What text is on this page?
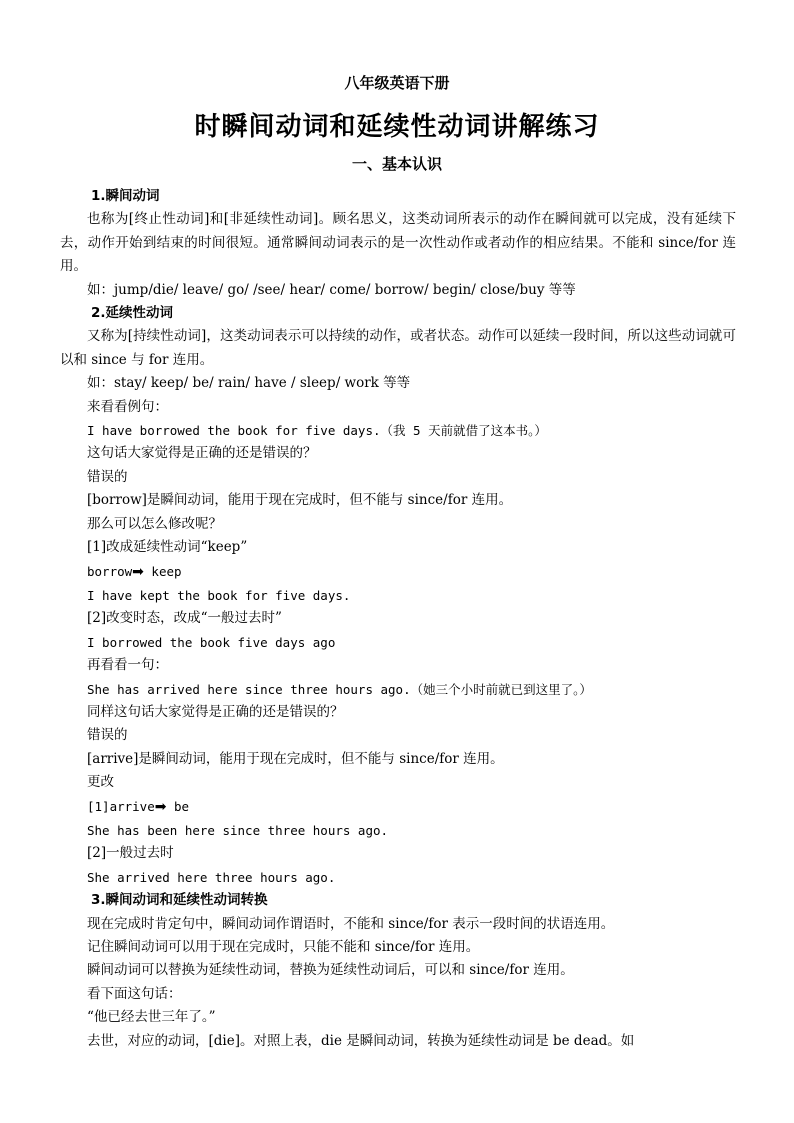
八年级英语下册
时瞬间动词和延续性动词讲解练习
一、基本认识

1.瞬间动词

也称为[终止性动词]和[非延续性动词]。顾名思义，这类动词所表示的动作在瞬间就可以完成，没有延续下去，动作开始到结束的时间很短。通常瞬间动词表示的是一次性动作或者动作的相应结果。不能和 since/for 连用。

如：jump/die/ leave/ go/ /see/ hear/ come/ borrow/ begin/ close/buy 等等

2.延续性动词

又称为[持续性动词]，这类动词表示可以持续的动作，或者状态。动作可以延续一段时间，所以这些动词就可以和 since 与 for 连用。

如：stay/ keep/ be/ rain/ have / sleep/ work 等等

来看看例句：

I have borrowed the book for five days.（我 5 天前就借了这本书。）

这句话大家觉得是正确的还是错误的？

错误的

[borrow]是瞬间动词，能用于现在完成时，但不能与 since/for 连用。

那么可以怎么修改呢？

[1]改成延续性动词“keep”

borrow➡ keep

I have kept the book for five days.

[2]改变时态，改成“一般过去时”

I borrowed the book five days ago

再看看一句：

She has arrived here since three hours ago.（她三个小时前就已到这里了。）

同样这句话大家觉得是正确的还是错误的？

错误的

[arrive]是瞬间动词，能用于现在完成时，但不能与 since/for 连用。

更改

[1]arrive➡ be

She has been here since three hours ago.

[2]一般过去时

She arrived here three hours ago.

3.瞬间动词和延续性动词转换

现在完成时肯定句中，瞬间动词作谓语时，不能和 since/for 表示一段时间的状语连用。

记住瞬间动词可以用于现在完成时，只能不能和 since/for 连用。

瞬间动词可以替换为延续性动词，替换为延续性动词后，可以和 since/for 连用。

看下面这句话：

“他已经去世三年了。”

去世，对应的动词，[die]。对照上表，die 是瞬间动词，转换为延续性动词是 be dead。如
